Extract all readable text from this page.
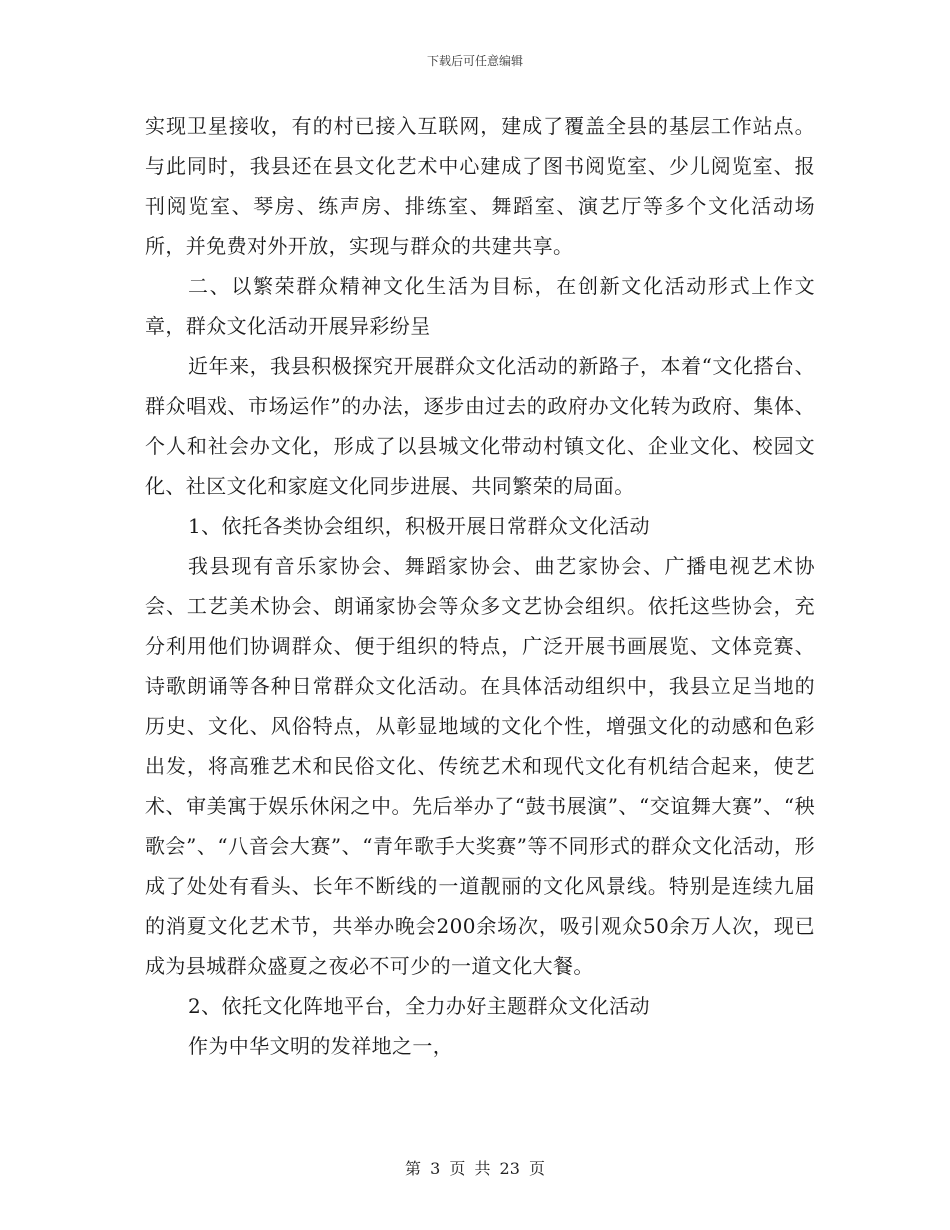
下载后可任意编辑

实现卫星接收，有的村已接入互联网，建成了覆盖全县的基层工作站点。与此同时，我县还在县文化艺术中心建成了图书阅览室、少儿阅览室、报刊阅览室、琴房、练声房、排练室、舞蹈室、演艺厅等多个文化活动场所，并免费对外开放，实现与群众的共建共享。

二、以繁荣群众精神文化生活为目标，在创新文化活动形式上作文章，群众文化活动开展异彩纷呈

近年来，我县积极探究开展群众文化活动的新路子，本着“文化搭台、群众唱戏、市场运作”的办法，逐步由过去的政府办文化转为政府、集体、个人和社会办文化，形成了以县城文化带动村镇文化、企业文化、校园文化、社区文化和家庭文化同步进展、共同繁荣的局面。

1、依托各类协会组织，积极开展日常群众文化活动

我县现有音乐家协会、舞蹈家协会、曲艺家协会、广播电视艺术协会、工艺美术协会、朗诵家协会等众多文艺协会组织。依托这些协会，充分利用他们协调群众、便于组织的特点，广泛开展书画展览、文体竞赛、诗歌朗诵等各种日常群众文化活动。在具体活动组织中，我县立足当地的历史、文化、风俗特点，从彰显地域的文化个性，增强文化的动感和色彩出发，将高雅艺术和民俗文化、传统艺术和现代文化有机结合起来，使艺术、审美寓于娱乐休闲之中。先后举办了“鼓书展演”、“交谊舞大赛”、“秧歌会”、“八音会大赛”、“青年歌手大奖赛”等不同形式的群众文化活动，形成了处处有看头、长年不断线的一道靓丽的文化风景线。特别是连续九届的消夏文化艺术节，共举办晚会200余场次，吸引观众50余万人次，现已成为县城群众盛夏之夜必不可少的一道文化大餐。

2、依托文化阵地平台，全力办好主题群众文化活动

作为中华文明的发祥地之一，

第 3 页 共 23 页
